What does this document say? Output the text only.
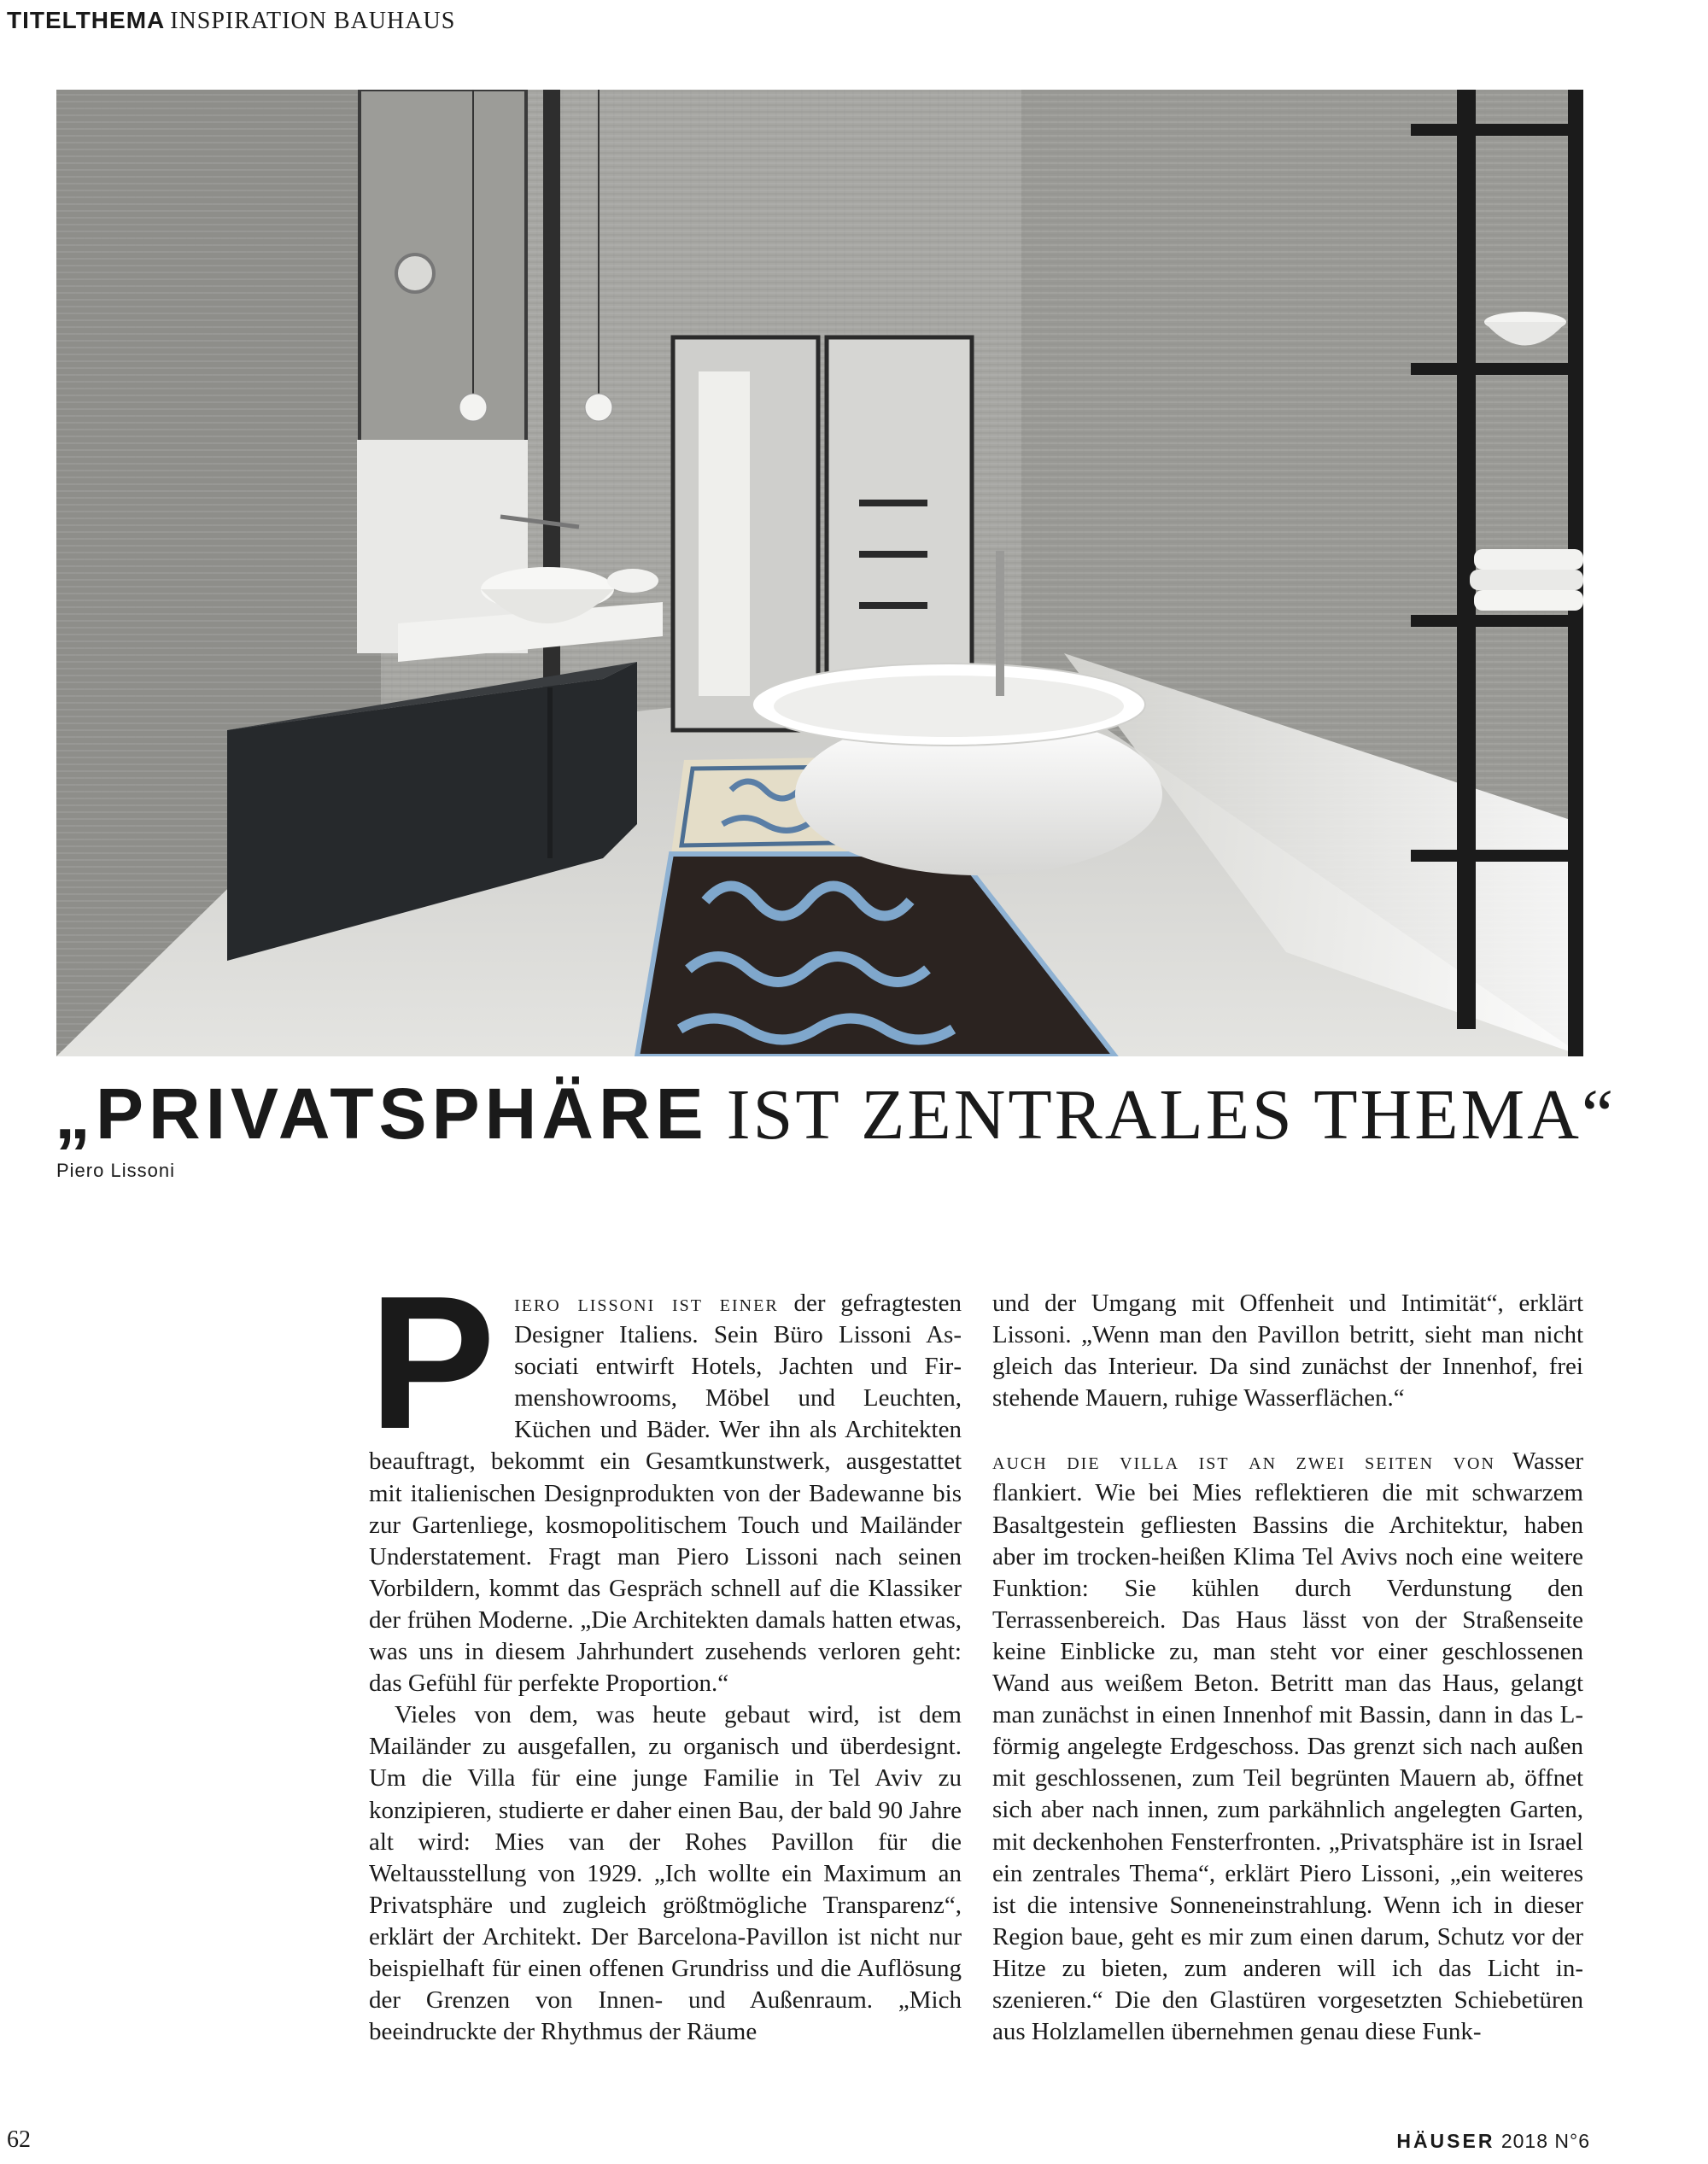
TITELTHEMA INSPIRATION BAUHAUS
„PRIVATSPHÄRE IST ZENTRALES THEMA“
Piero Lissoni

Piero lissoni ist einer der gefragtesten Designer Italiens. Sein Büro Lissoni Associati entwirft Hotels, Jachten und Firmenshowrooms, Möbel und Leuchten, Küchen und Bäder. Wer ihn als Architekten beauftragt, bekommt ein Gesamtkunstwerk, ausgestattet mit italienischen Designprodukten von der Badewanne bis zur Gartenliege, kosmopolitischem Touch und Mailänder Understatement. Fragt man Piero Lissoni nach seinen Vorbildern, kommt das Gespräch schnell auf die Klassiker der frühen Moderne. „Die Architekten damals hatten etwas, was uns in diesem Jahrhundert zusehends verloren geht: das Gefühl für perfekte Proportion.“

Vieles von dem, was heute gebaut wird, ist dem Mailänder zu ausgefallen, zu organisch und überdesignt. Um die Villa für eine junge Familie in Tel Aviv zu konzipieren, studierte er daher einen Bau, der bald 90 Jahre alt wird: Mies van der Rohes Pavillon für die Weltausstellung von 1929. „Ich wollte ein Maximum an Privatsphäre und zugleich größtmögliche Transparenz“, erklärt der Architekt. Der Barcelona-Pavillon ist nicht nur beispielhaft für einen offenen Grundriss und die Auflösung der Grenzen von Innen- und Außenraum. „Mich beeindruckte der Rhythmus der Räume

und der Umgang mit Offenheit und Intimität“, erklärt Lissoni. „Wenn man den Pavillon betritt, sieht man nicht gleich das Interieur. Da sind zunächst der Innenhof, frei stehende Mauern, ruhige Wasserflächen.“

auch die villa ist an zwei seiten von Wasser flankiert. Wie bei Mies reflektieren die mit schwarzem Basaltgestein gefliesten Bassins die Architektur, haben aber im trocken-heißen Klima Tel Avivs noch eine weitere Funktion: Sie kühlen durch Verdunstung den Terrassenbereich. Das Haus lässt von der Straßenseite keine Einblicke zu, man steht vor einer geschlossenen Wand aus weißem Beton. Betritt man das Haus, gelangt man zunächst in einen Innenhof mit Bassin, dann in das L-förmig angelegte Erdgeschoss. Das grenzt sich nach außen mit geschlossenen, zum Teil begrünten Mauern ab, öffnet sich aber nach innen, zum parkähnlich angelegten Garten, mit deckenhohen Fensterfronten. „Privatsphäre ist in Israel ein zentrales Thema“, erklärt Piero Lissoni, „ein weiteres ist die intensive Sonneneinstrahlung. Wenn ich in dieser Region baue, geht es mir zum einen darum, Schutz vor der Hitze zu bieten, zum anderen will ich das Licht inszenieren.“ Die den Glastüren vorgesetzten Schiebetüren aus Holzlamellen übernehmen genau diese Funk-

62	HÄUSER 2018 N°6
